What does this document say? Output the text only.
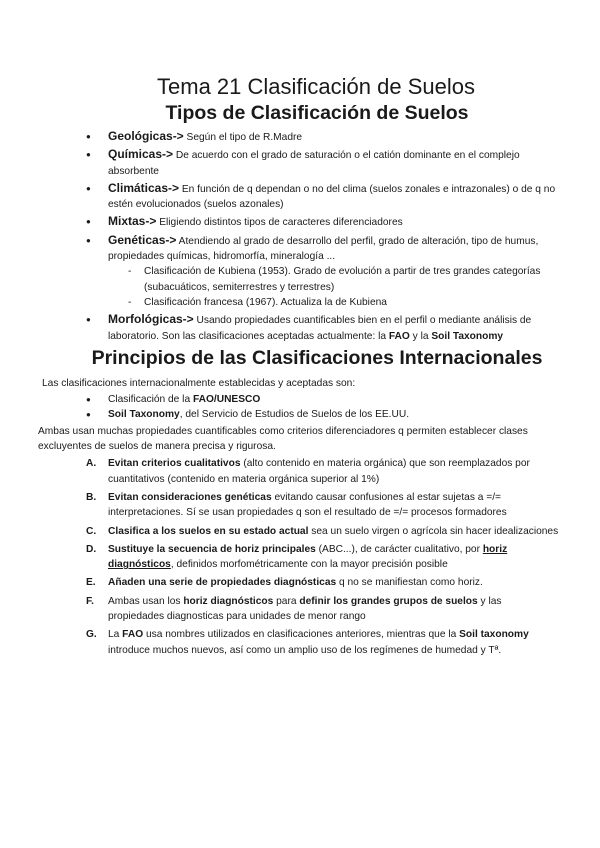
Tema 21 Clasificación de Suelos
Tipos de Clasificación de Suelos
● Geológicas-> Según el tipo de R.Madre
● Químicas-> De acuerdo con el grado de saturación o el catión dominante en el complejo absorbente
● Climáticas-> En función de q dependan o no del clima (suelos zonales e intrazonales) o de q no estén evolucionados (suelos azonales)
● Mixtas-> Eligiendo distintos tipos de caracteres diferenciadores
● Genéticas-> Atendiendo al grado de desarrollo del perfil, grado de alteración, tipo de humus, propiedades químicas, hidromorfía, mineralogía ...
- Clasificación de Kubiena (1953). Grado de evolución a partir de tres grandes categorías (subacuáticos, semiterrestres y terrestres)
- Clasificación francesa (1967). Actualiza la de Kubiena
● Morfológicas-> Usando propiedades cuantificables bien en el perfil o mediante análisis de laboratorio. Son las clasificaciones aceptadas actualmente: la FAO y la Soil Taxonomy
Principios de las Clasificaciones Internacionales
Las clasificaciones internacionalmente establecidas y aceptadas son:
● Clasificación de la FAO/UNESCO
● Soil Taxonomy, del Servicio de Estudios de Suelos de los EE.UU.
Ambas usan muchas propiedades cuantificables como criterios diferenciadores q permiten establecer clases excluyentes de suelos de manera precisa y rigurosa.
A. Evitan criterios cualitativos (alto contenido en materia orgánica) que son reemplazados por cuantitativos (contenido en materia orgánica superior al 1%)
B. Evitan consideraciones genéticas evitando causar confusiones al estar sujetas a =/= interpretaciones. Sí se usan propiedades q son el resultado de =/= procesos formadores
C. Clasifica a los suelos en su estado actual sea un suelo virgen o agrícola sin hacer idealizaciones
D. Sustituye la secuencia de horiz principales (ABC...), de carácter cualitativo, por horiz diagnósticos, definidos morfométricamente con la mayor precisión posible
E. Añaden una serie de propiedades diagnósticas q no se manifiestan como horiz.
F. Ambas usan los horiz diagnósticos para definir los grandes grupos de suelos y las propiedades diagnosticas para unidades de menor rango
G. La FAO usa nombres utilizados en clasificaciones anteriores, mientras que la Soil taxonomy introduce muchos nuevos, así como un amplio uso de los regímenes de humedad y Tª.
